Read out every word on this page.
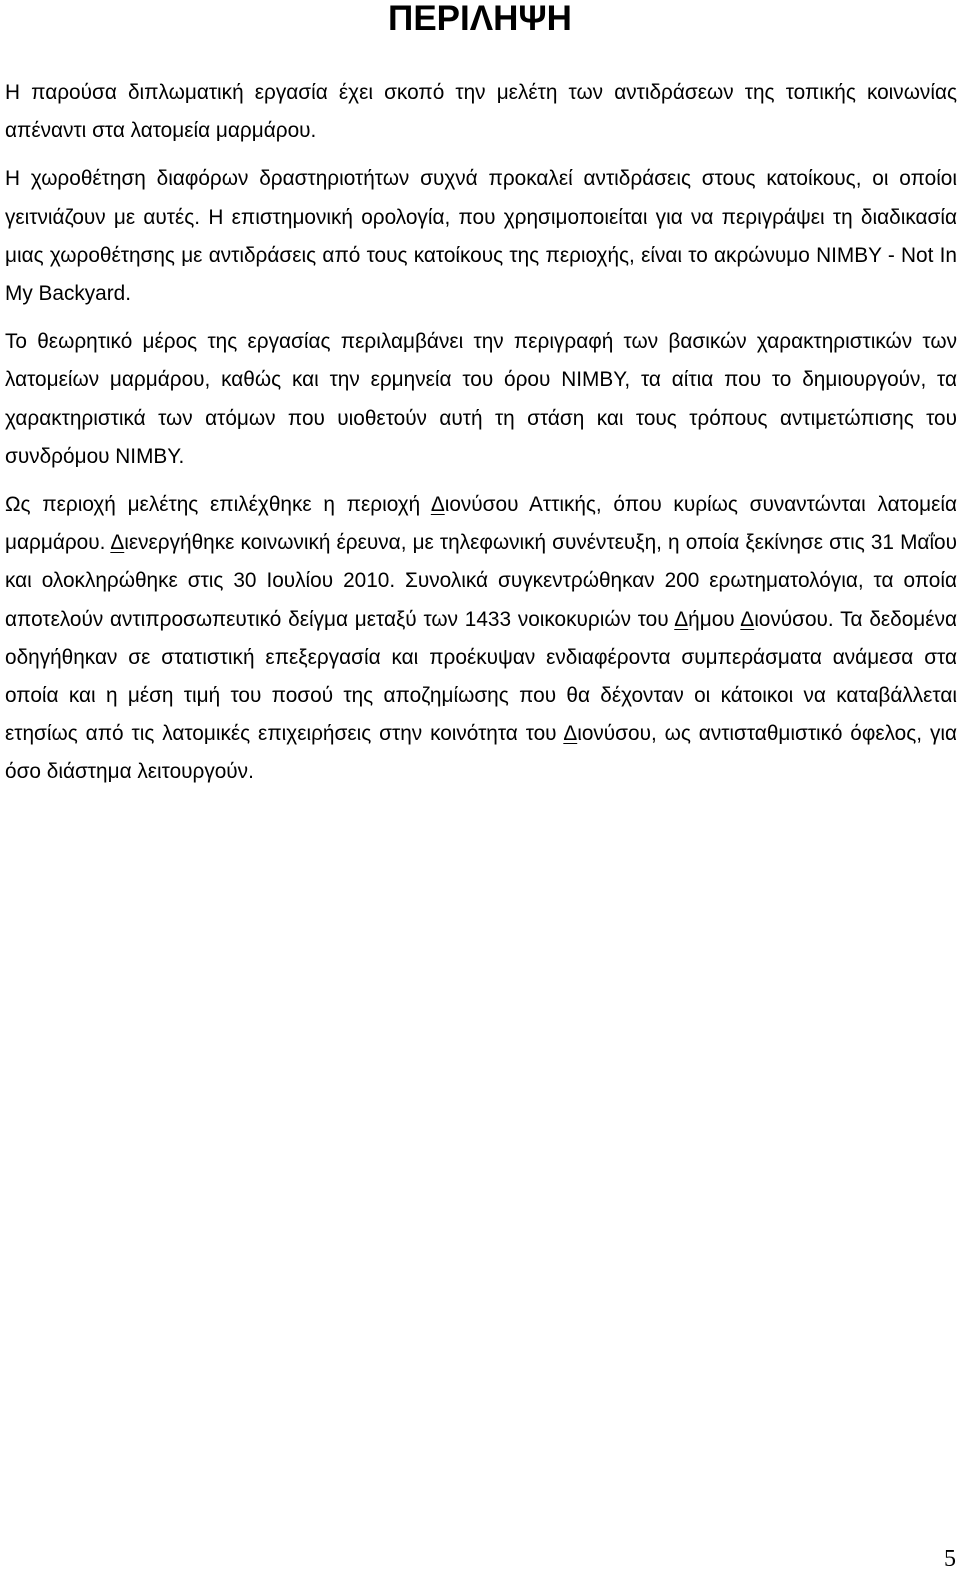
ΠΕΡΙΛΗΨΗ

Η παρούσα διπλωματική εργασία έχει σκοπό την μελέτη των αντιδράσεων της τοπικής κοινωνίας απέναντι στα λατομεία μαρμάρου.

Η χωροθέτηση διαφόρων δραστηριοτήτων συχνά προκαλεί αντιδράσεις στους κατοίκους, οι οποίοι γειτνιάζουν με αυτές. Η επιστημονική ορολογία, που χρησιμοποιείται για να περιγράψει τη διαδικασία μιας χωροθέτησης με αντιδράσεις από τους κατοίκους της περιοχής, είναι το ακρώνυμο NIMBY - Not In My Backyard.

Το θεωρητικό μέρος της εργασίας περιλαμβάνει την περιγραφή των βασικών χαρακτηριστικών των λατομείων μαρμάρου, καθώς και την ερμηνεία του όρου NIMBY, τα αίτια που το δημιουργούν, τα χαρακτηριστικά των ατόμων που υιοθετούν αυτή τη στάση και τους τρόπους αντιμετώπισης του συνδρόμου NIMBY.

Ως περιοχή μελέτης επιλέχθηκε η περιοχή Διονύσου Αττικής, όπου κυρίως συναντώνται λατομεία μαρμάρου. Διενεργήθηκε κοινωνική έρευνα, με τηλεφωνική συνέντευξη, η οποία ξεκίνησε στις 31 Μαΐου και ολοκληρώθηκε στις 30 Ιουλίου 2010. Συνολικά συγκεντρώθηκαν 200 ερωτηματολόγια, τα οποία αποτελούν αντιπροσωπευτικό δείγμα μεταξύ των 1433 νοικοκυριών του Δήμου Διονύσου. Τα δεδομένα οδηγήθηκαν σε στατιστική επεξεργασία και προέκυψαν ενδιαφέροντα συμπεράσματα ανάμεσα στα οποία και η μέση τιμή του ποσού της αποζημίωσης που θα δέχονταν οι κάτοικοι να καταβάλλεται ετησίως από τις λατομικές επιχειρήσεις στην κοινότητα του Διονύσου, ως αντισταθμιστικό όφελος, για όσο διάστημα λειτουργούν.

5
